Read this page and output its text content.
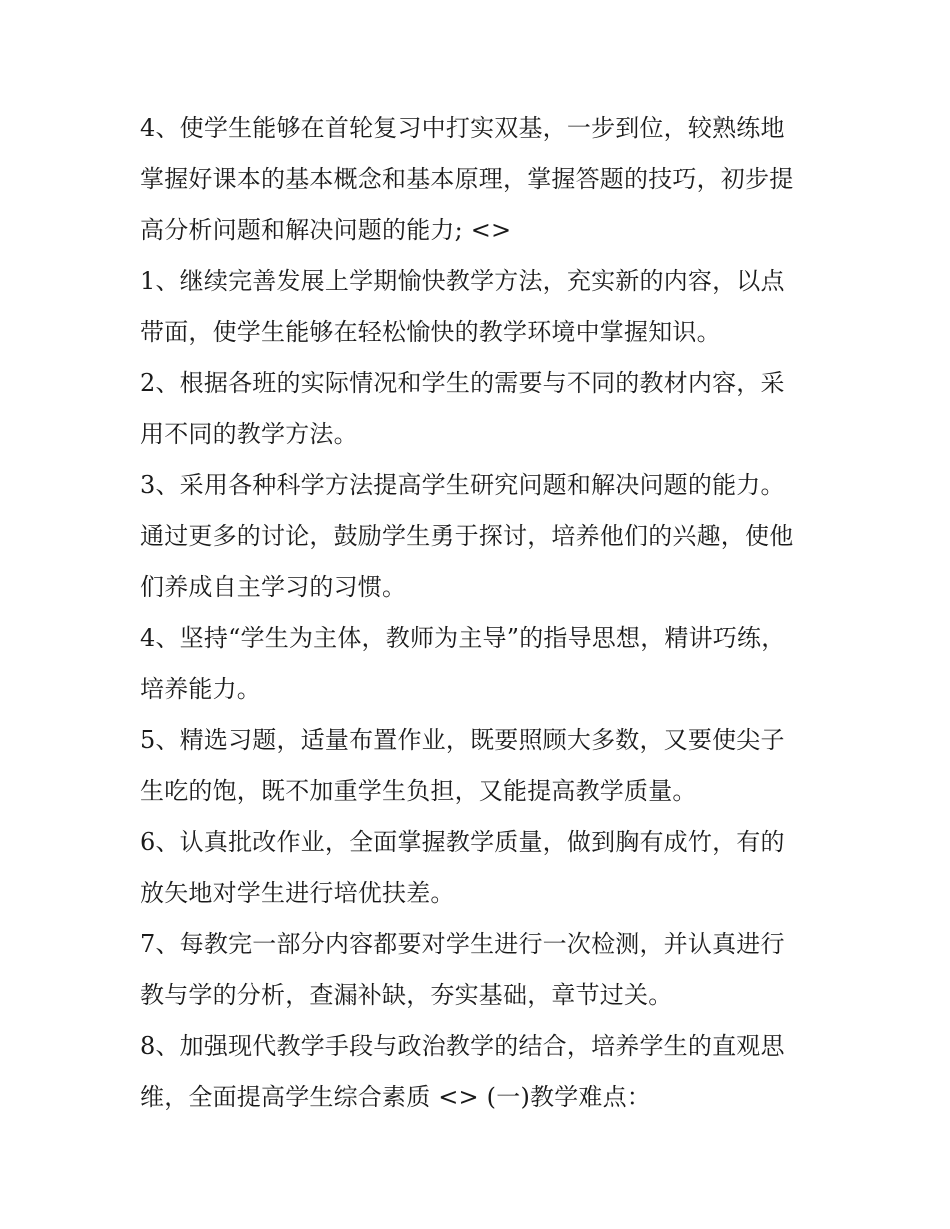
4、使学生能够在首轮复习中打实双基，一步到位，较熟练地
掌握好课本的基本概念和基本原理，掌握答题的技巧，初步提
高分析问题和解决问题的能力; <>
1、继续完善发展上学期愉快教学方法，充实新的内容，以点
带面，使学生能够在轻松愉快的教学环境中掌握知识。
2、根据各班的实际情况和学生的需要与不同的教材内容，采
用不同的教学方法。
3、采用各种科学方法提高学生研究问题和解决问题的能力。
通过更多的讨论，鼓励学生勇于探讨，培养他们的兴趣，使他
们养成自主学习的习惯。
4、坚持“学生为主体，教师为主导”的指导思想，精讲巧练，
培养能力。
5、精选习题，适量布置作业，既要照顾大多数，又要使尖子
生吃的饱，既不加重学生负担，又能提高教学质量。
6、认真批改作业，全面掌握教学质量，做到胸有成竹，有的
放矢地对学生进行培优扶差。
7、每教完一部分内容都要对学生进行一次检测，并认真进行
教与学的分析，查漏补缺，夯实基础，章节过关。
8、加强现代教学手段与政治教学的结合，培养学生的直观思
维，全面提高学生综合素质 <> (一)教学难点：
